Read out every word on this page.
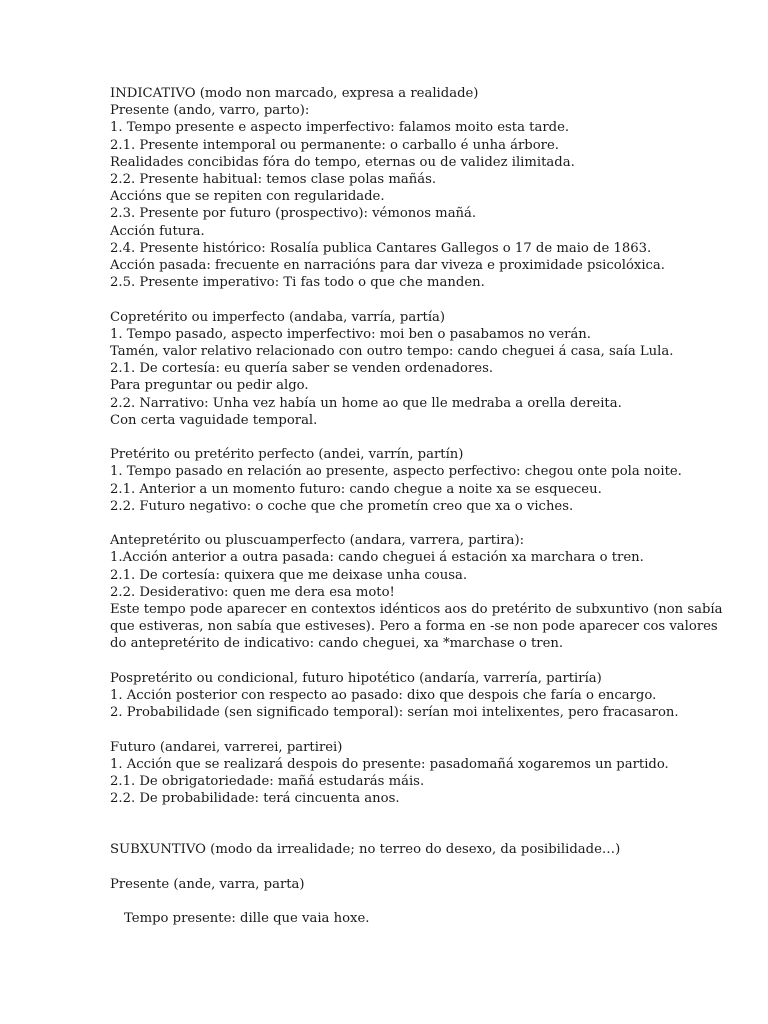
INDICATIVO (modo non marcado, expresa a realidade)
Presente (ando, varro, parto):
1. Tempo presente e aspecto imperfectivo: falamos moito esta tarde.
2.1. Presente intemporal ou permanente: o carballo é unha árbore.
Realidades concibidas fóra do tempo, eternas ou de validez ilimitada.
2.2. Presente habitual: temos clase polas mañás.
Accións que se repiten con regularidade.
2.3. Presente por futuro (prospectivo): vémonos mañá.
Acción futura.
2.4. Presente histórico: Rosalía publica Cantares Gallegos o 17 de maio de 1863.
Acción pasada: frecuente en narracións para dar viveza e proximidade psicolóxica.
2.5. Presente imperativo: Ti fas todo o que che manden.
Copretérito ou imperfecto (andaba, varría, partía)
1. Tempo pasado, aspecto imperfectivo: moi ben o pasabamos no verán.
Tamén, valor relativo relacionado con outro tempo: cando cheguei á casa, saía Lula.
2.1. De cortesía: eu quería saber se venden ordenadores.
Para preguntar ou pedir algo.
2.2. Narrativo: Unha vez había un home ao que lle medraba a orella dereita.
Con certa vaguidade temporal.
Pretérito ou pretérito perfecto (andei, varrín, partín)
1. Tempo pasado en relación ao presente, aspecto perfectivo: chegou onte pola noite.
2.1. Anterior a un momento futuro: cando chegue a noite xa se esqueceu.
2.2. Futuro negativo: o coche que che prometín creo que xa o viches.
Antepretérito ou pluscuamperfecto (andara, varrera, partira):
1.Acción anterior a outra pasada: cando cheguei á estación xa marchara o tren.
2.1. De cortesía: quixera que me deixase unha cousa.
2.2. Desiderativo: quen me dera esa moto!
Este tempo pode aparecer en contextos idénticos aos do pretérito de subxuntivo (non sabía
que estiveras, non sabía que estiveses). Pero a forma en -se non pode aparecer cos valores
do antepretérito de indicativo: cando cheguei, xa *marchase o tren.
Pospretérito ou condicional, futuro hipotético (andaría, varrería, partiría)
1. Acción posterior con respecto ao pasado: dixo que despois che faría o encargo.
2. Probabilidade (sen significado temporal): serían moi intelixentes, pero fracasaron.
Futuro (andarei, varrerei, partirei)
1. Acción que se realizará despois do presente: pasadomañá xogaremos un partido.
2.1. De obrigatoriedade: mañá estudarás máis.
2.2. De probabilidade: terá cincuenta anos.
SUBXUNTIVO (modo da irrealidade; no terreo do desexo, da posibilidade…)
Presente (ande, varra, parta)
Tempo presente: dille que vaia hoxe.
